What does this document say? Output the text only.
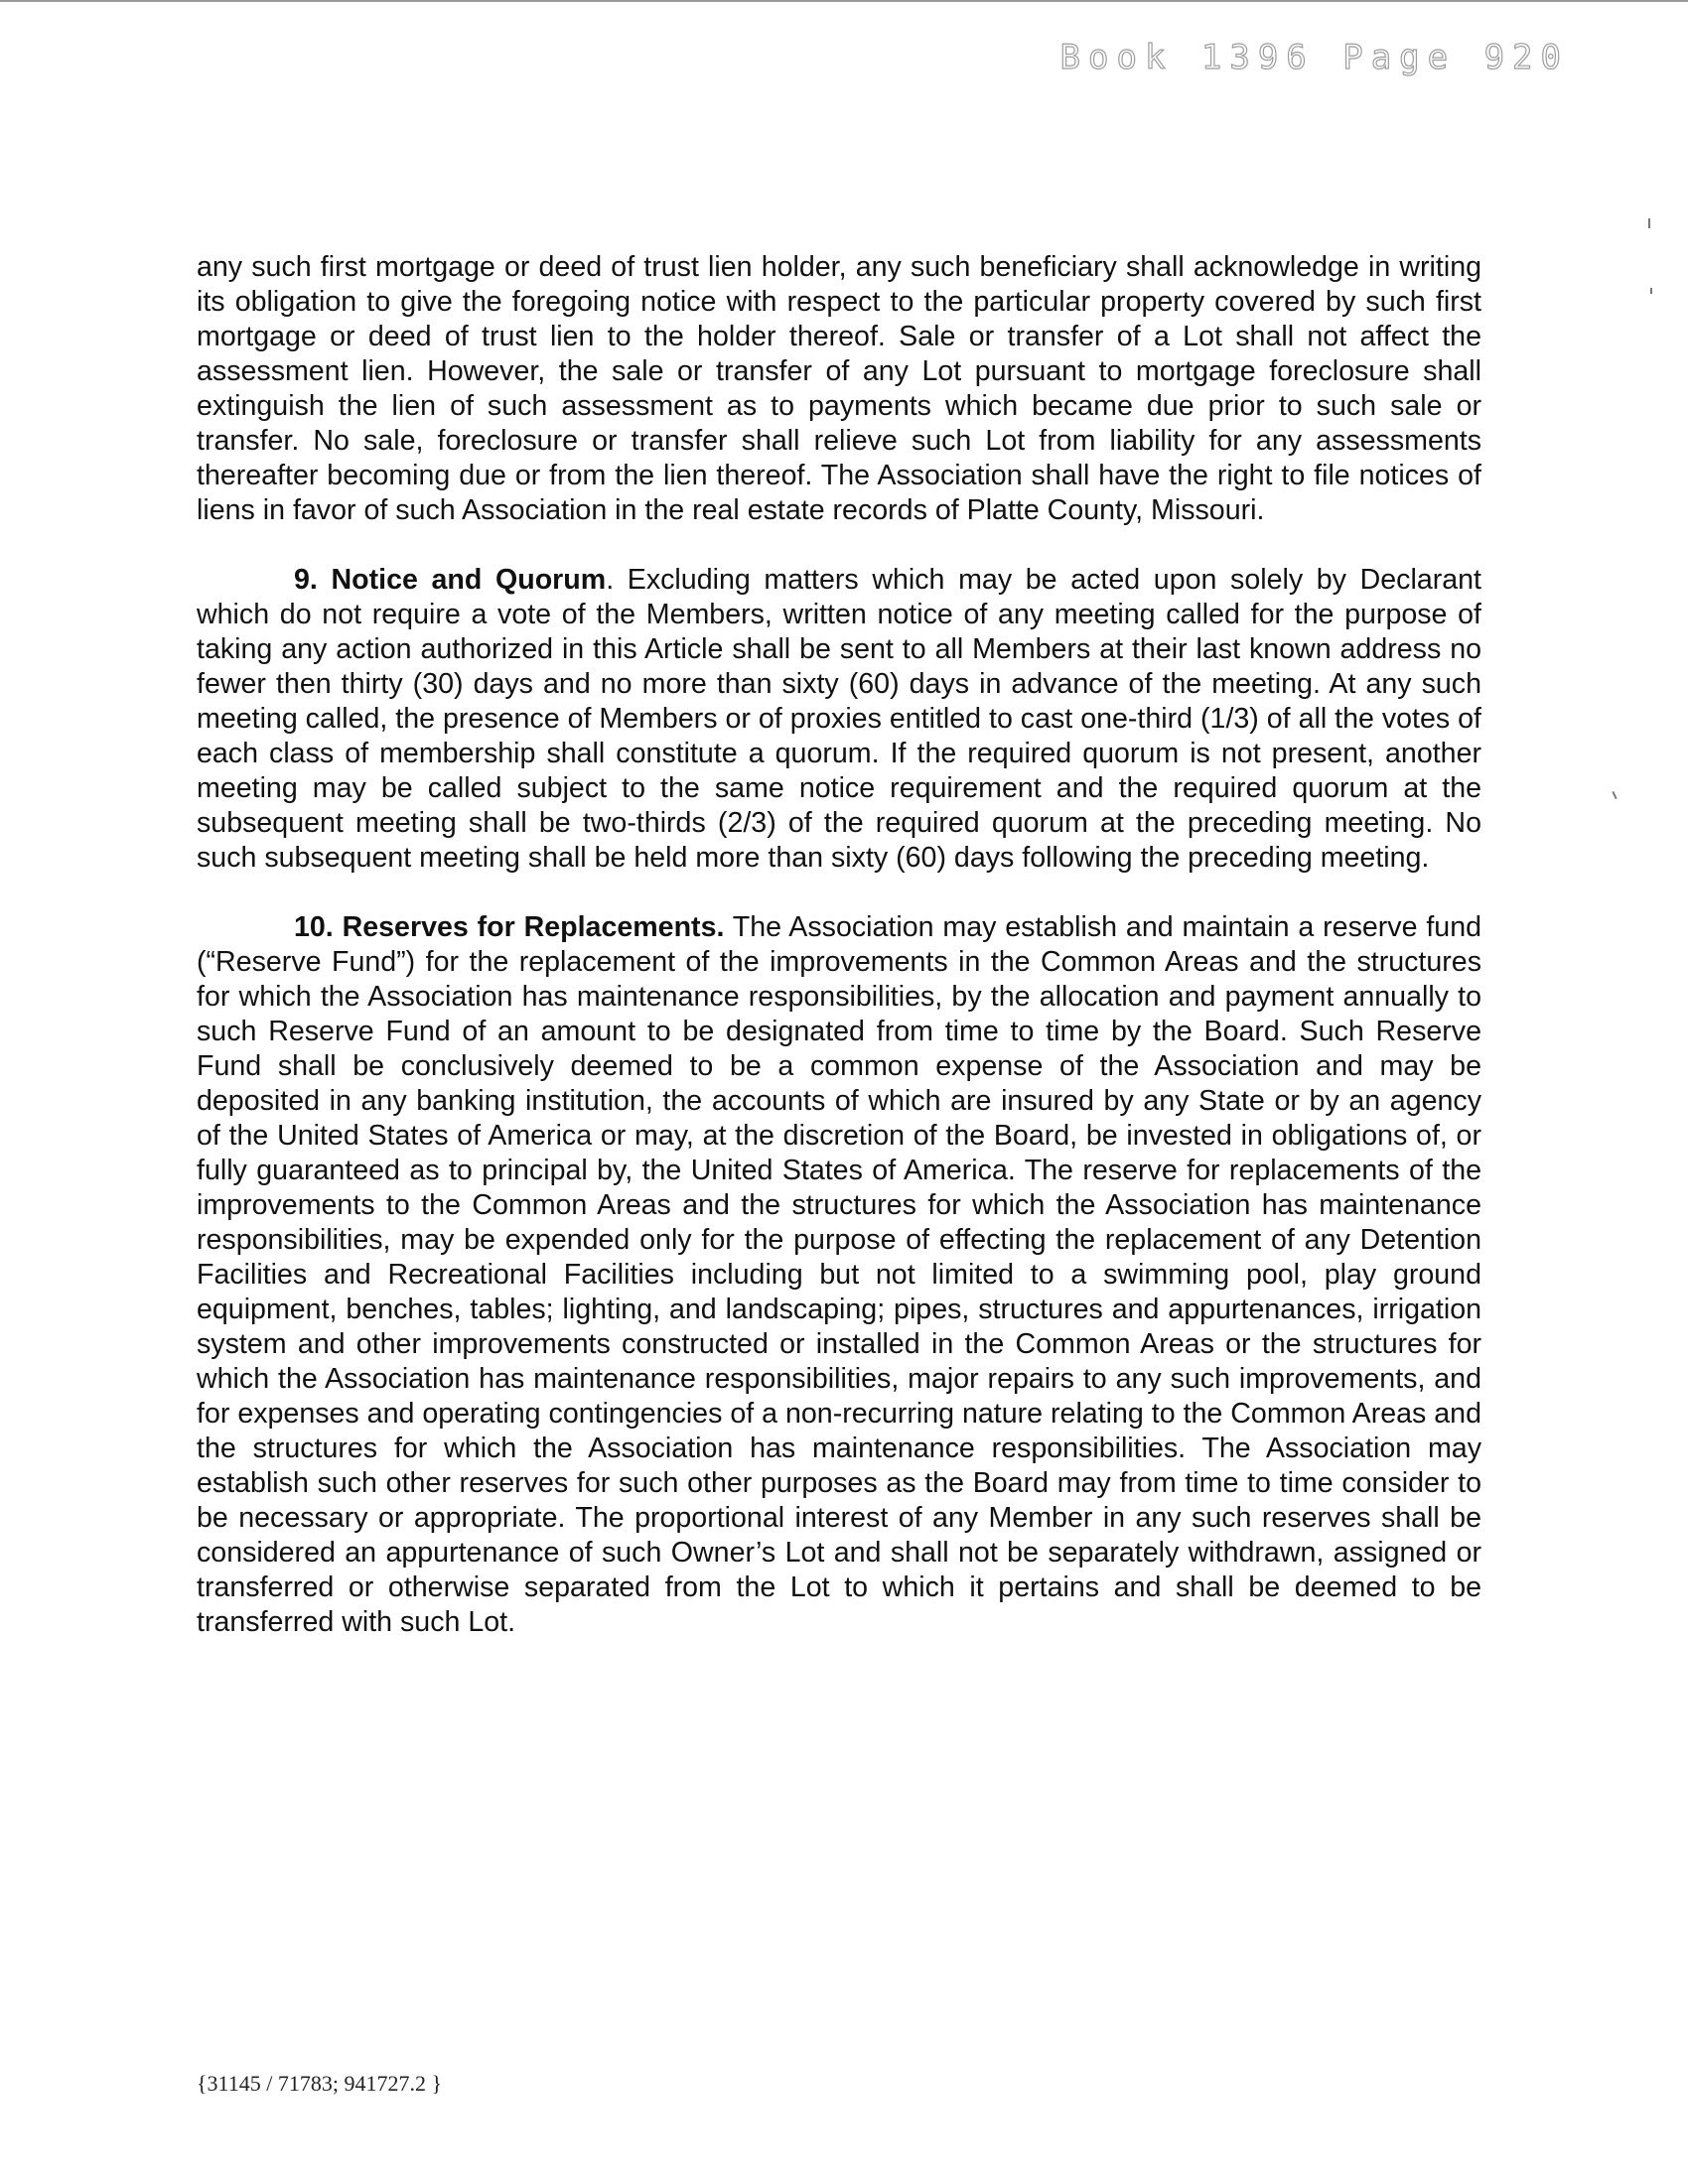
Book 1396 Page 920

any such first mortgage or deed of trust lien holder, any such beneficiary shall acknowledge in writing its obligation to give the foregoing notice with respect to the particular property covered by such first mortgage or deed of trust lien to the holder thereof. Sale or transfer of a Lot shall not affect the assessment lien. However, the sale or transfer of any Lot pursuant to mortgage foreclosure shall extinguish the lien of such assessment as to payments which became due prior to such sale or transfer. No sale, foreclosure or transfer shall relieve such Lot from liability for any assessments thereafter becoming due or from the lien thereof. The Association shall have the right to file notices of liens in favor of such Association in the real estate records of Platte County, Missouri.

9. Notice and Quorum. Excluding matters which may be acted upon solely by Declarant which do not require a vote of the Members, written notice of any meeting called for the purpose of taking any action authorized in this Article shall be sent to all Members at their last known address no fewer then thirty (30) days and no more than sixty (60) days in advance of the meeting. At any such meeting called, the presence of Members or of proxies entitled to cast one-third (1/3) of all the votes of each class of membership shall constitute a quorum. If the required quorum is not present, another meeting may be called subject to the same notice requirement and the required quorum at the subsequent meeting shall be two-thirds (2/3) of the required quorum at the preceding meeting. No such subsequent meeting shall be held more than sixty (60) days following the preceding meeting.

10. Reserves for Replacements. The Association may establish and maintain a reserve fund (“Reserve Fund”) for the replacement of the improvements in the Common Areas and the structures for which the Association has maintenance responsibilities, by the allocation and payment annually to such Reserve Fund of an amount to be designated from time to time by the Board. Such Reserve Fund shall be conclusively deemed to be a common expense of the Association and may be deposited in any banking institution, the accounts of which are insured by any State or by an agency of the United States of America or may, at the discretion of the Board, be invested in obligations of, or fully guaranteed as to principal by, the United States of America. The reserve for replacements of the improvements to the Common Areas and the structures for which the Association has maintenance responsibilities, may be expended only for the purpose of effecting the replacement of any Detention Facilities and Recreational Facilities including but not limited to a swimming pool, play ground equipment, benches, tables; lighting, and landscaping; pipes, structures and appurtenances, irrigation system and other improvements constructed or installed in the Common Areas or the structures for which the Association has maintenance responsibilities, major repairs to any such improvements, and for expenses and operating contingencies of a non-recurring nature relating to the Common Areas and the structures for which the Association has maintenance responsibilities. The Association may establish such other reserves for such other purposes as the Board may from time to time consider to be necessary or appropriate. The proportional interest of any Member in any such reserves shall be considered an appurtenance of such Owner’s Lot and shall not be separately withdrawn, assigned or transferred or otherwise separated from the Lot to which it pertains and shall be deemed to be transferred with such Lot.

{31145 / 71783; 941727.2 }
